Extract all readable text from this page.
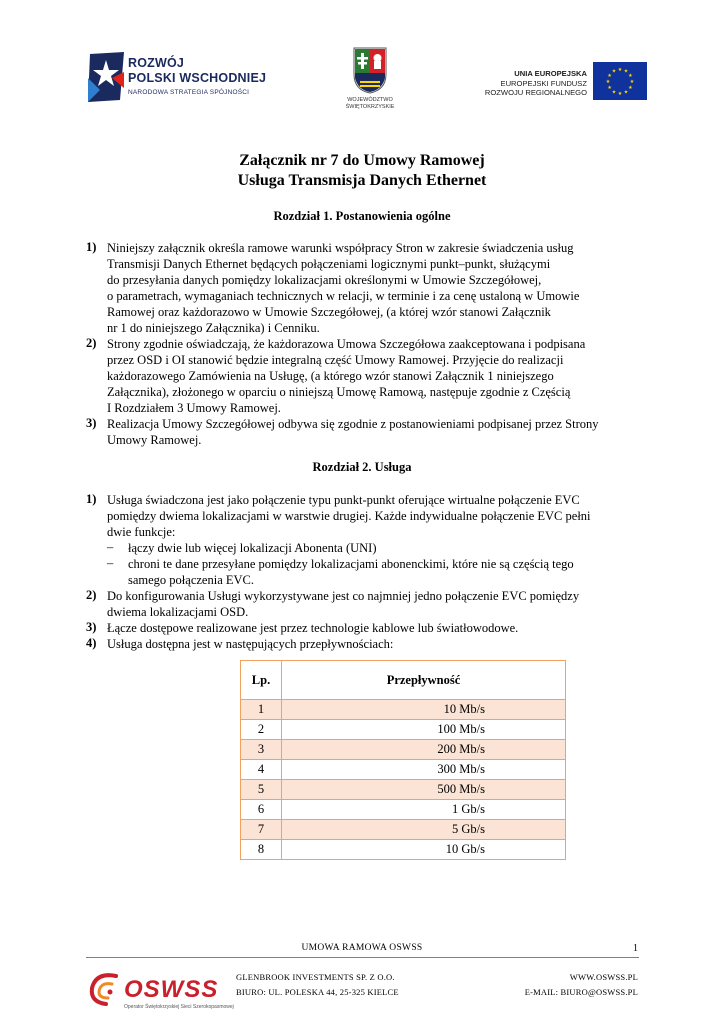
ROZWÓJ
POLSKI WSCHODNIEJ
NARODOWA STRATEGIA SPÓJNOŚCI
WOJEWÓDZTWO
ŚWIĘTOKRZYSKIE
UNIA EUROPEJSKA
EUROPEJSKI FUNDUSZ
ROZWOJU REGIONALNEGO
★ ★
★
★
★
★
★
★
★
★
★
★
Załącznik nr 7 do Umowy Ramowej
Usługa Transmisja Danych Ethernet
Rozdział 1. Postanowienia ogólne
1) Niniejszy załącznik określa ramowe warunki współpracy Stron w zakresie świadczenia usług
Transmisji Danych Ethernet będących połączeniami logicznymi punkt–punkt, służącymi
do przesyłania danych pomiędzy lokalizacjami określonymi w Umowie Szczegółowej,
o parametrach, wymaganiach technicznych w relacji, w terminie i za cenę ustaloną w Umowie
Ramowej oraz każdorazowo w Umowie Szczegółowej, (a której wzór stanowi Załącznik
nr 1 do niniejszego Załącznika) i Cenniku.
2) Strony zgodnie oświadczają, że każdorazowa Umowa Szczegółowa zaakceptowana i podpisana
przez OSD i OI stanowić będzie integralną część Umowy Ramowej. Przyjęcie do realizacji
każdorazowego Zamówienia na Usługę, (a którego wzór stanowi Załącznik 1 niniejszego
Załącznika), złożonego w oparciu o niniejszą Umowę Ramową, następuje zgodnie z Częścią
I Rozdziałem 3 Umowy Ramowej.
3) Realizacja Umowy Szczegółowej odbywa się zgodnie z postanowieniami podpisanej przez Strony
Umowy Ramowej.
Rozdział 2. Usługa
1) Usługa świadczona jest jako połączenie typu punkt-punkt oferujące wirtualne połączenie EVC
pomiędzy dwiema lokalizacjami w warstwie drugiej. Każde indywidualne połączenie EVC pełni
dwie funkcje:
– łączy dwie lub więcej lokalizacji Abonenta (UNI)
– chroni te dane przesyłane pomiędzy lokalizacjami abonenckimi, które nie są częścią tego
samego połączenia EVC.
2) Do konfigurowania Usługi wykorzystywane jest co najmniej jedno połączenie EVC pomiędzy
dwiema lokalizacjami OSD.
3) Łącze dostępowe realizowane jest przez technologie kablowe lub światłowodowe.
4) Usługa dostępna jest w następujących przepływnościach:
Lp.	Przepływność
1	10 Mb/s
2	100 Mb/s
3	200 Mb/s
4	300 Mb/s
5	500 Mb/s
6	1 Gb/s
7	5 Gb/s
8	10 Gb/s
UMOWA RAMOWA OSWSS	1
OSWSS
Operator Świętokrzyskiej Sieci Szerokopasmowej
GLENBROOK INVESTMENTS SP. Z O.O.
BIURO: UL. POLESKA 44, 25-325 KIELCE
WWW.OSWSS.PL
E-MAIL: BIURO@OSWSS.PL
